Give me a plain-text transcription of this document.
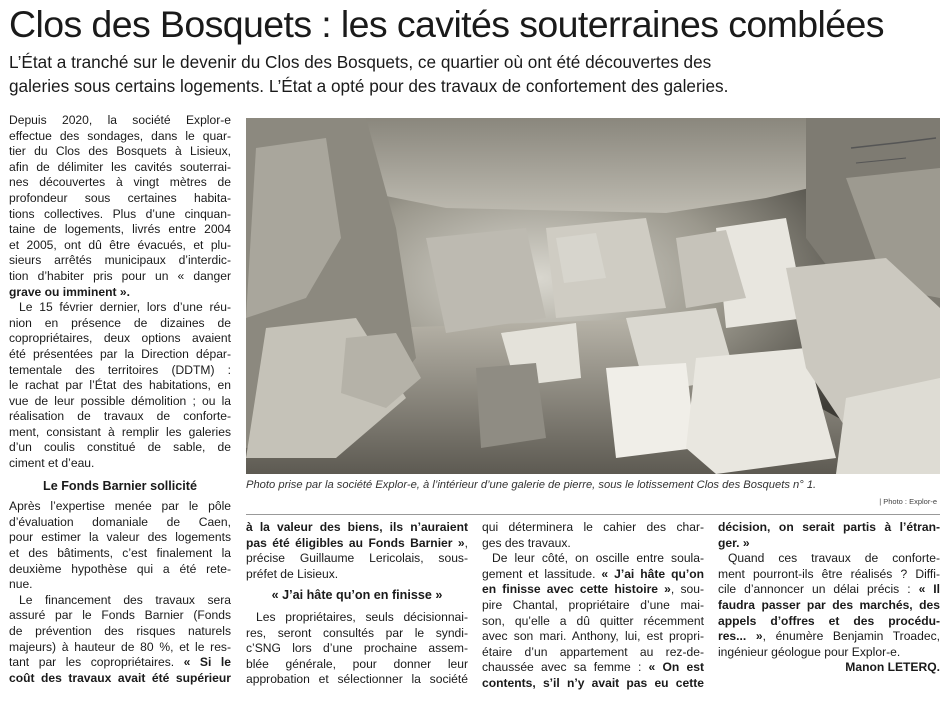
Clos des Bosquets : les cavités souterraines comblées

L’État a tranché sur le devenir du Clos des Bosquets, ce quartier où ont été découvertes des
galeries sous certains logements. L’État a opté pour des travaux de confortement des galeries.

Depuis 2020, la société Explor-e
effectue des sondages, dans le quar-
tier du Clos des Bosquets à Lisieux,
afin de délimiter les cavités souterrai-
nes découvertes à vingt mètres de
profondeur sous certaines habita-
tions collectives. Plus d’une cinquan-
taine de logements, livrés entre 2004
et 2005, ont dû être évacués, et plu-
sieurs arrêtés municipaux d’interdic-
tion d’habiter pris pour un « danger
grave ou imminent ».
Le 15 février dernier, lors d’une réu-
nion en présence de dizaines de
copropriétaires, deux options avaient
été présentées par la Direction dépar-
tementale des territoires (DDTM) :
le rachat par l’État des habitations, en
vue de leur possible démolition ; ou la
réalisation de travaux de conforte-
ment, consistant à remplir les galeries
d’un coulis constitué de sable, de
ciment et d’eau.
Le Fonds Barnier sollicité
Après l’expertise menée par le pôle
d’évaluation domaniale de Caen,
pour estimer la valeur des logements
et des bâtiments, c’est finalement la
deuxième hypothèse qui a été rete-
nue.
Le financement des travaux sera
assuré par le Fonds Barnier (Fonds
de prévention des risques naturels
majeurs) à hauteur de 80 %, et le res-
tant par les copropriétaires. « Si le
coût des travaux avait été supérieur
Photo prise par la société Explor-e, à l’intérieur d’une galerie de pierre, sous le lotissement Clos des Bosquets n° 1.
| Photo : Explor-e
à la valeur des biens, ils n’auraient
pas été éligibles au Fonds Barnier »,
précise Guillaume Lericolais, sous-
préfet de Lisieux.
« J’ai hâte qu’on en finisse »
Les propriétaires, seuls décisionnai-
res, seront consultés par le syndi-
c’SNG lors d’une prochaine assem-
blée générale, pour donner leur
approbation et sélectionner la société
qui déterminera le cahier des char-
ges des travaux.
De leur côté, on oscille entre soula-
gement et lassitude. « J’ai hâte qu’on
en finisse avec cette histoire », sou-
pire Chantal, propriétaire d’une mai-
son, qu’elle a dû quitter récemment
avec son mari. Anthony, lui, est propri-
étaire d’un appartement au rez-de-
chaussée avec sa femme : « On est
contents, s’il n’y avait pas eu cette
décision, on serait partis à l’étran-
ger. »
Quand ces travaux de conforte-
ment pourront-ils être réalisés ? Diffi-
cile d’annoncer un délai précis : « Il
faudra passer par des marchés, des
appels d’offres et des procédu-
res... », énumère Benjamin Troadec,
ingénieur géologue pour Explor-e.
Manon LETERQ.
